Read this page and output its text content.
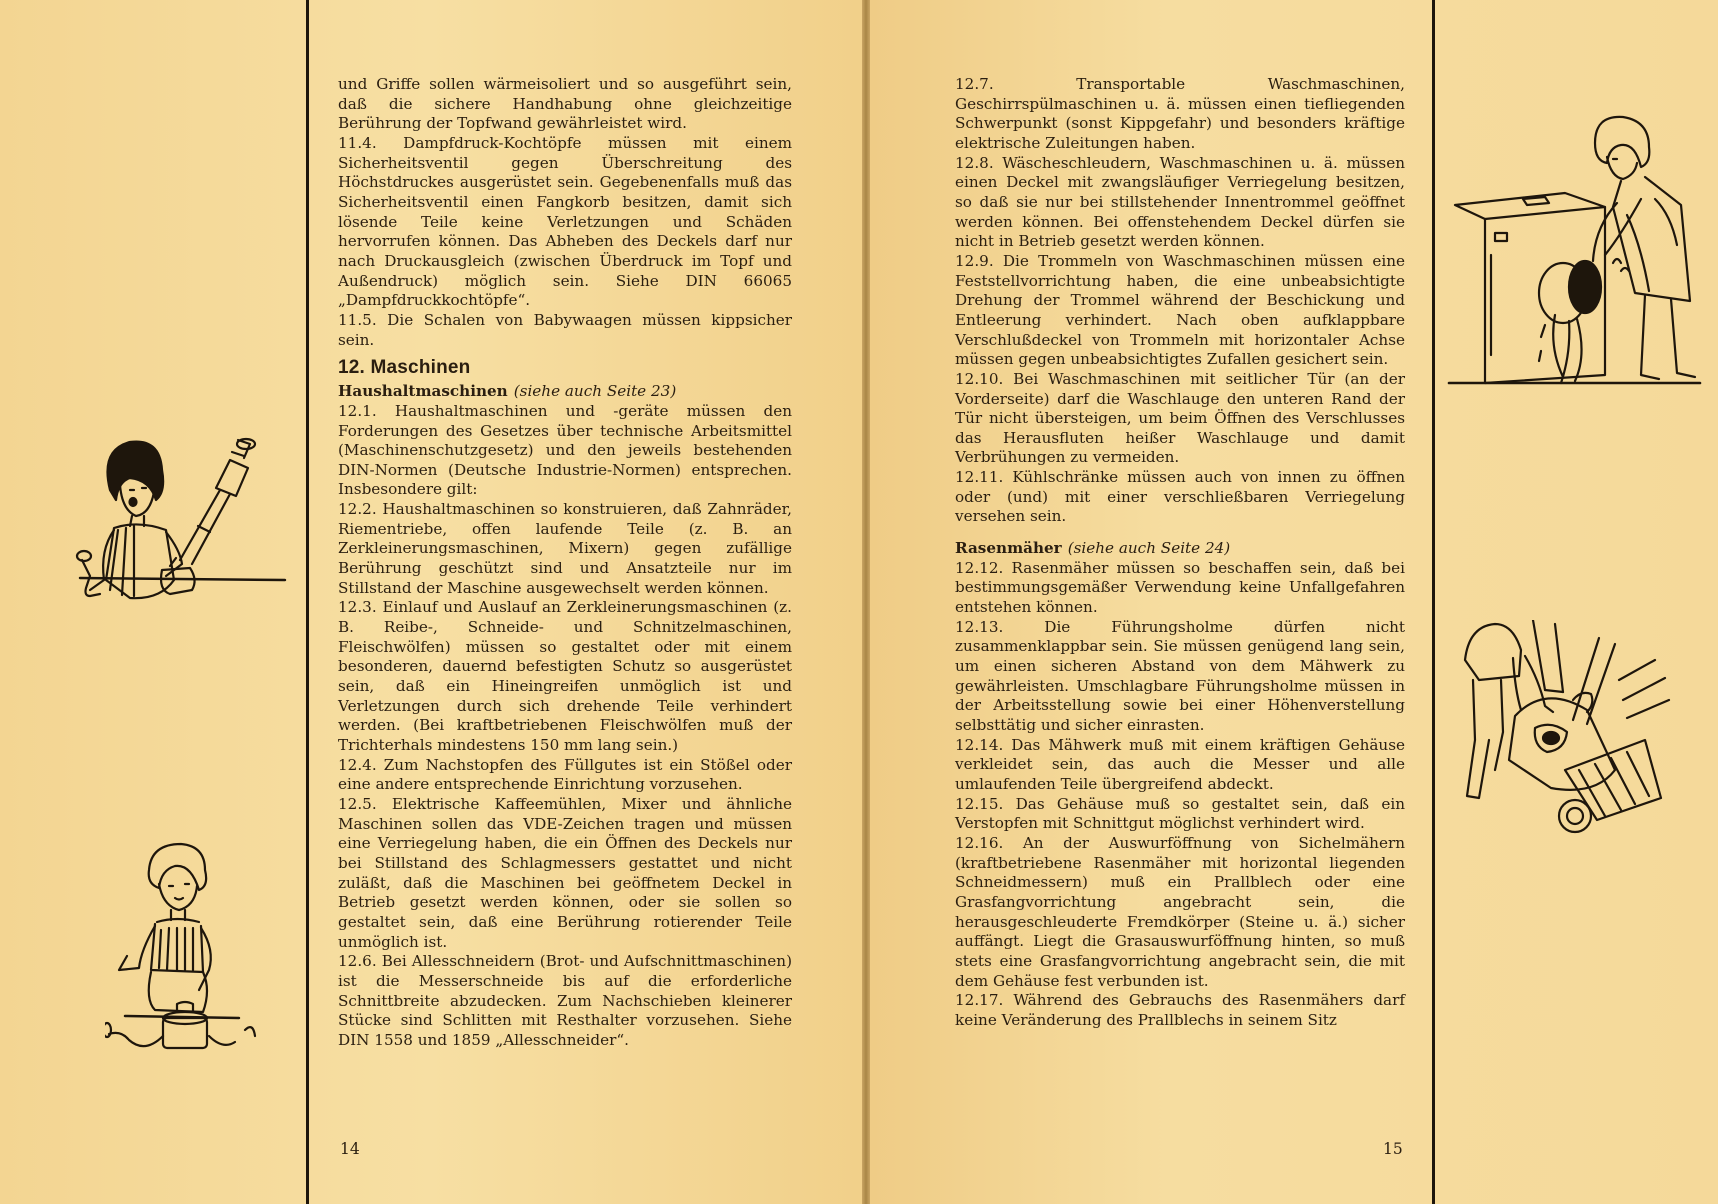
und Griffe sollen wärmeisoliert und so ausgeführt sein, daß die sichere Handhabung ohne gleichzeitige Berührung der Topfwand gewährleistet wird.

11.4. Dampfdruck-Kochtöpfe müssen mit einem Sicherheitsventil gegen Überschreitung des Höchstdruckes ausgerüstet sein. Gegebenenfalls muß das Sicherheitsventil einen Fangkorb besitzen, damit sich lösende Teile keine Verletzungen und Schäden hervorrufen können. Das Abheben des Deckels darf nur nach Druckausgleich (zwischen Überdruck im Topf und Außendruck) möglich sein. Siehe DIN 66065 „Dampfdruckkochtöpfe“.

11.5. Die Schalen von Babywaagen müssen kippsicher sein.

12. Maschinen

Haushaltmaschinen (siehe auch Seite 23)

12.1. Haushaltmaschinen und -geräte müssen den Forderungen des Gesetzes über technische Arbeitsmittel (Maschinenschutzgesetz) und den jeweils bestehenden DIN-Normen (Deutsche Industrie-Normen) entsprechen. Insbesondere gilt:

12.2. Haushaltmaschinen so konstruieren, daß Zahnräder, Riementriebe, offen laufende Teile (z. B. an Zerkleinerungsmaschinen, Mixern) gegen zufällige Berührung geschützt sind und Ansatzteile nur im Stillstand der Maschine ausgewechselt werden können.

12.3. Einlauf und Auslauf an Zerkleinerungsmaschinen (z. B. Reibe-, Schneide- und Schnitzelmaschinen, Fleischwölfen) müssen so gestaltet oder mit einem besonderen, dauernd befestigten Schutz so ausgerüstet sein, daß ein Hineingreifen unmöglich ist und Verletzungen durch sich drehende Teile verhindert werden. (Bei kraftbetriebenen Fleischwölfen muß der Trichterhals mindestens 150 mm lang sein.)

12.4. Zum Nachstopfen des Füllgutes ist ein Stößel oder eine andere entsprechende Einrichtung vorzusehen.

12.5. Elektrische Kaffeemühlen, Mixer und ähnliche Maschinen sollen das VDE-Zeichen tragen und müssen eine Verriegelung haben, die ein Öffnen des Deckels nur bei Stillstand des Schlagmessers gestattet und nicht zuläßt, daß die Maschinen bei geöffnetem Deckel in Betrieb gesetzt werden können, oder sie sollen so gestaltet sein, daß eine Berührung rotierender Teile unmöglich ist.

12.6. Bei Allesschneidern (Brot- und Aufschnittmaschinen) ist die Messerschneide bis auf die erforderliche Schnittbreite abzudecken. Zum Nachschieben kleinerer Stücke sind Schlitten mit Resthalter vorzusehen. Siehe DIN 1558 und 1859 „Allesschneider“.

14

12.7. Transportable Waschmaschinen, Geschirrspülmaschinen u. ä. müssen einen tiefliegenden Schwerpunkt (sonst Kippgefahr) und besonders kräftige elektrische Zuleitungen haben.

12.8. Wäscheschleudern, Waschmaschinen u. ä. müssen einen Deckel mit zwangsläufiger Verriegelung besitzen, so daß sie nur bei stillstehender Innentrommel geöffnet werden können. Bei offenstehendem Deckel dürfen sie nicht in Betrieb gesetzt werden können.

12.9. Die Trommeln von Waschmaschinen müssen eine Feststellvorrichtung haben, die eine unbeabsichtigte Drehung der Trommel während der Beschickung und Entleerung verhindert. Nach oben aufklappbare Verschlußdeckel von Trommeln mit horizontaler Achse müssen gegen unbeabsichtigtes Zufallen gesichert sein.

12.10. Bei Waschmaschinen mit seitlicher Tür (an der Vorderseite) darf die Waschlauge den unteren Rand der Tür nicht übersteigen, um beim Öffnen des Verschlusses das Herausfluten heißer Waschlauge und damit Verbrühungen zu vermeiden.

12.11. Kühlschränke müssen auch von innen zu öffnen oder (und) mit einer verschließbaren Verriegelung versehen sein.

Rasenmäher (siehe auch Seite 24)

12.12. Rasenmäher müssen so beschaffen sein, daß bei bestimmungsgemäßer Verwendung keine Unfallgefahren entstehen können.

12.13. Die Führungsholme dürfen nicht zusammenklappbar sein. Sie müssen genügend lang sein, um einen sicheren Abstand von dem Mähwerk zu gewährleisten. Umschlagbare Führungsholme müssen in der Arbeitsstellung sowie bei einer Höhenverstellung selbsttätig und sicher einrasten.

12.14. Das Mähwerk muß mit einem kräftigen Gehäuse verkleidet sein, das auch die Messer und alle umlaufenden Teile übergreifend abdeckt.

12.15. Das Gehäuse muß so gestaltet sein, daß ein Verstopfen mit Schnittgut möglichst verhindert wird.

12.16. An der Auswurföffnung von Sichelmähern (kraftbetriebene Rasenmäher mit horizontal liegenden Schneidmessern) muß ein Prallblech oder eine Grasfangvorrichtung angebracht sein, die herausgeschleuderte Fremdkörper (Steine u. ä.) sicher auffängt. Liegt die Grasauswurföffnung hinten, so muß stets eine Grasfangvorrichtung angebracht sein, die mit dem Gehäuse fest verbunden ist.

12.17. Während des Gebrauchs des Rasenmähers darf keine Veränderung des Prallblechs in seinem Sitz

15
